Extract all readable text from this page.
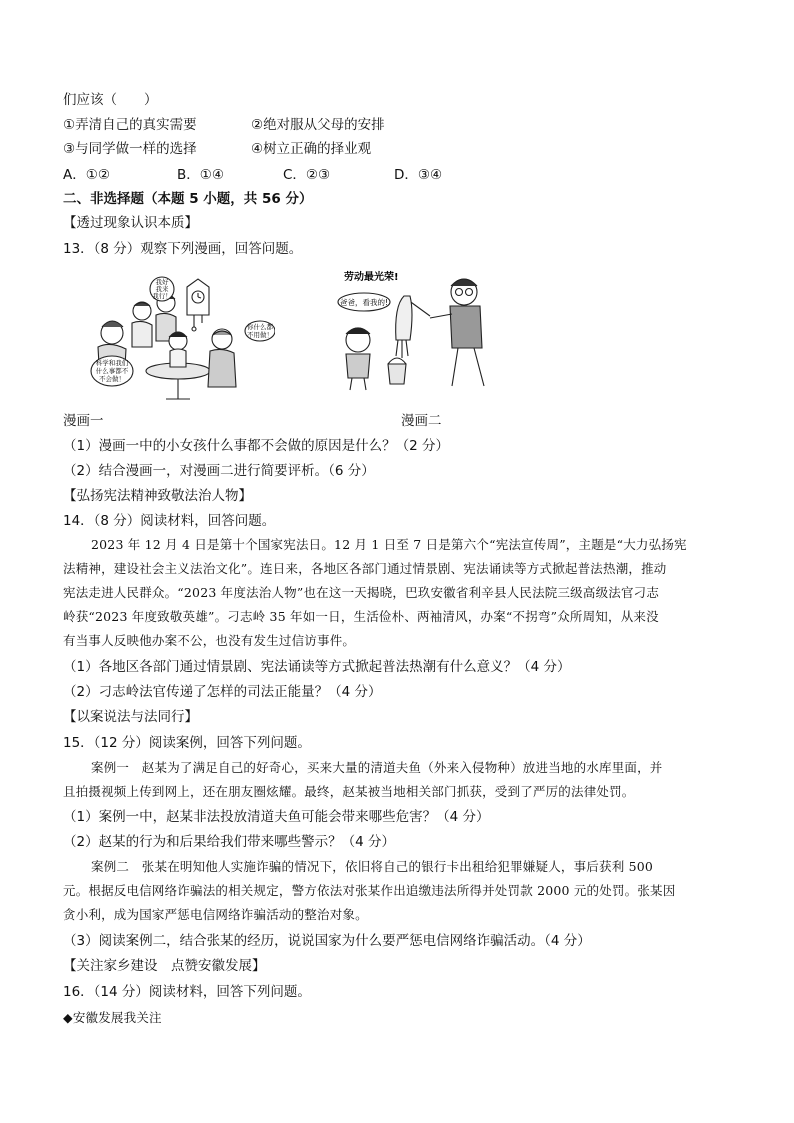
们应该（　　）
①弄清自己的真实需要	②绝对服从父母的安排
③与同学做一样的选择	④树立正确的择业观
A．①②	B．①④	C．②③	D．③④
二、非选择题（本题 5 小题，共 56 分）
【透过现象认识本质】
13．（8 分）观察下列漫画，回答问题。
我好
我来
我行！
你什么都
不用做！
科学和我们
什么事都不
不会做！
劳动最光荣!
爸爸，看我的!
漫画一	漫画二
（1）漫画一中的小女孩什么事都不会做的原因是什么？（2 分）
（2）结合漫画一，对漫画二进行简要评析。（6 分）
【弘扬宪法精神致敬法治人物】
14．（8 分）阅读材料，回答问题。
2023 年 12 月 4 日是第十个国家宪法日。12 月 1 日至 7 日是第六个“宪法宣传周”，主题是“大力弘扬宪
法精神，建设社会主义法治文化”。连日来，各地区各部门通过情景剧、宪法诵读等方式掀起普法热潮，推动
宪法走进人民群众。“2023 年度法治人物”也在这一天揭晓，巴玖安徽省利辛县人民法院三级高级法官刁志
岭获“2023 年度致敬英雄”。刁志岭 35 年如一日，生活俭朴、两袖清风，办案“不拐弯”众所周知，从来没
有当事人反映他办案不公，也没有发生过信访事件。
（1）各地区各部门通过情景剧、宪法诵读等方式掀起普法热潮有什么意义？（4 分）
（2）刁志岭法官传递了怎样的司法正能量？（4 分）
【以案说法与法同行】
15．（12 分）阅读案例，回答下列问题。
案例一　赵某为了满足自己的好奇心，买来大量的清道夫鱼（外来入侵物种）放进当地的水库里面，并
且拍摄视频上传到网上，还在朋友圈炫耀。最终，赵某被当地相关部门抓获，受到了严厉的法律处罚。
（1）案例一中，赵某非法投放清道夫鱼可能会带来哪些危害？（4 分）
（2）赵某的行为和后果给我们带来哪些警示？（4 分）
案例二　张某在明知他人实施诈骗的情况下，依旧将自己的银行卡出租给犯罪嫌疑人，事后获利 500
元。根据反电信网络诈骗法的相关规定，警方依法对张某作出追缴违法所得并处罚款 2000 元的处罚。张某因
贪小利，成为国家严惩电信网络诈骗活动的整治对象。
（3）阅读案例二，结合张某的经历，说说国家为什么要严惩电信网络诈骗活动。（4 分）
【关注家乡建设　点赞安徽发展】
16．（14 分）阅读材料，回答下列问题。
◆安徽发展我关注
